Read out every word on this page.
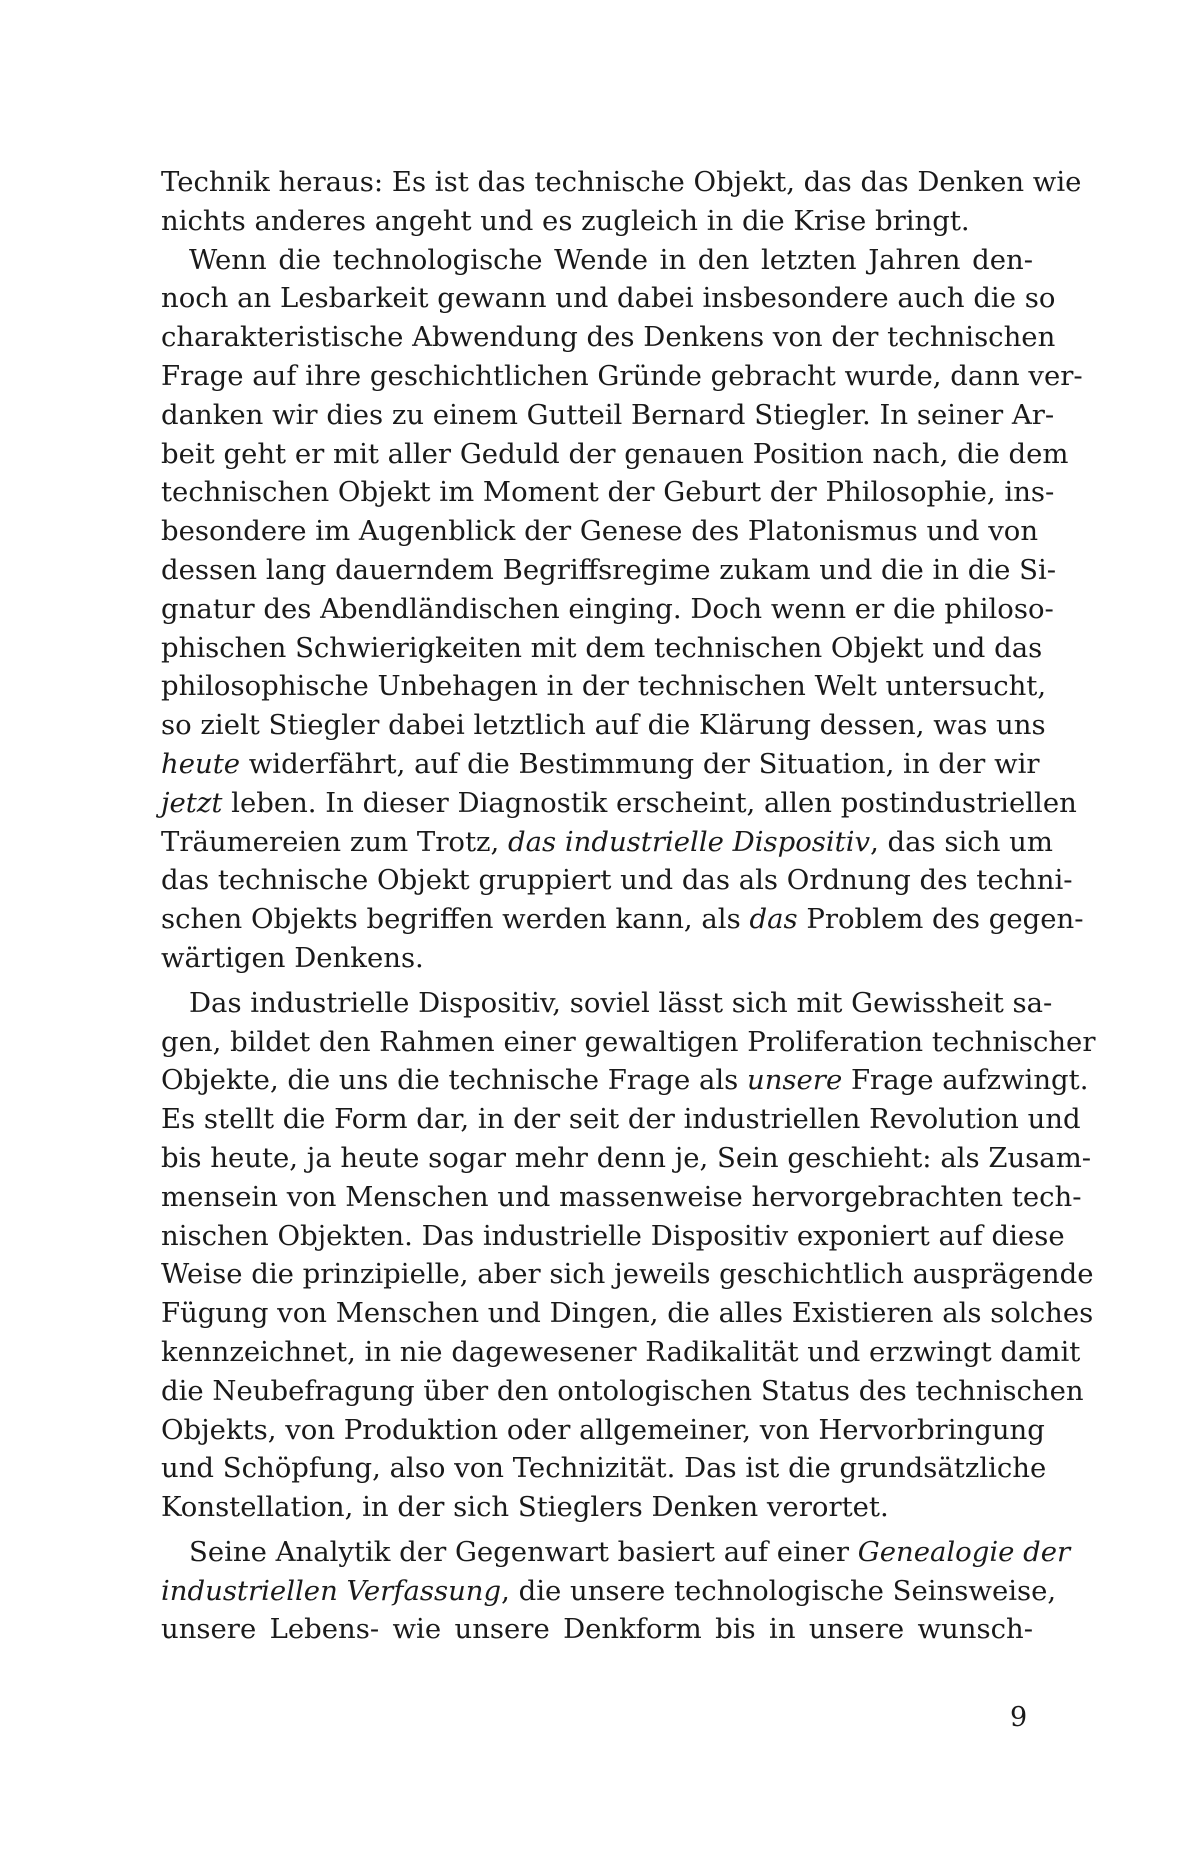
Technik heraus: Es ist das technische Objekt, das das Denken wie
nichts anderes angeht und es zugleich in die Krise bringt.
Wenn die technologische Wende in den letzten Jahren den-
noch an Lesbarkeit gewann und dabei insbesondere auch die so
charakteristische Abwendung des Denkens von der technischen
Frage auf ihre geschichtlichen Gründe gebracht wurde, dann ver-
danken wir dies zu einem Gutteil Bernard Stiegler. In seiner Ar-
beit geht er mit aller Geduld der genauen Position nach, die dem
technischen Objekt im Moment der Geburt der Philosophie, ins-
besondere im Augenblick der Genese des Platonismus und von
dessen lang dauerndem Begriffsregime zukam und die in die Si-
gnatur des Abendländischen einging. Doch wenn er die philoso-
phischen Schwierigkeiten mit dem technischen Objekt und das
philosophische Unbehagen in der technischen Welt untersucht,
so zielt Stiegler dabei letztlich auf die Klärung dessen, was uns
heute widerfährt, auf die Bestimmung der Situation, in der wir
jetzt leben. In dieser Diagnostik erscheint, allen postindustriellen
Träumereien zum Trotz, das industrielle Dispositiv, das sich um
das technische Objekt gruppiert und das als Ordnung des techni-
schen Objekts begriffen werden kann, als das Problem des gegen-
wärtigen Denkens.
Das industrielle Dispositiv, soviel lässt sich mit Gewissheit sa-
gen, bildet den Rahmen einer gewaltigen Proliferation technischer
Objekte, die uns die technische Frage als unsere Frage aufzwingt.
Es stellt die Form dar, in der seit der industriellen Revolution und
bis heute, ja heute sogar mehr denn je, Sein geschieht: als Zusam-
mensein von Menschen und massenweise hervorgebrachten tech-
nischen Objekten. Das industrielle Dispositiv exponiert auf diese
Weise die prinzipielle, aber sich jeweils geschichtlich ausprägende
Fügung von Menschen und Dingen, die alles Existieren als solches
kennzeichnet, in nie dagewesener Radikalität und erzwingt damit
die Neubefragung über den ontologischen Status des technischen
Objekts, von Produktion oder allgemeiner, von Hervorbringung
und Schöpfung, also von Technizität. Das ist die grundsätzliche
Konstellation, in der sich Stieglers Denken verortet.
Seine Analytik der Gegenwart basiert auf einer Genealogie der
industriellen Verfassung, die unsere technologische Seinsweise,
unsere Lebens- wie unsere Denkform bis in unsere wunsch-
9
